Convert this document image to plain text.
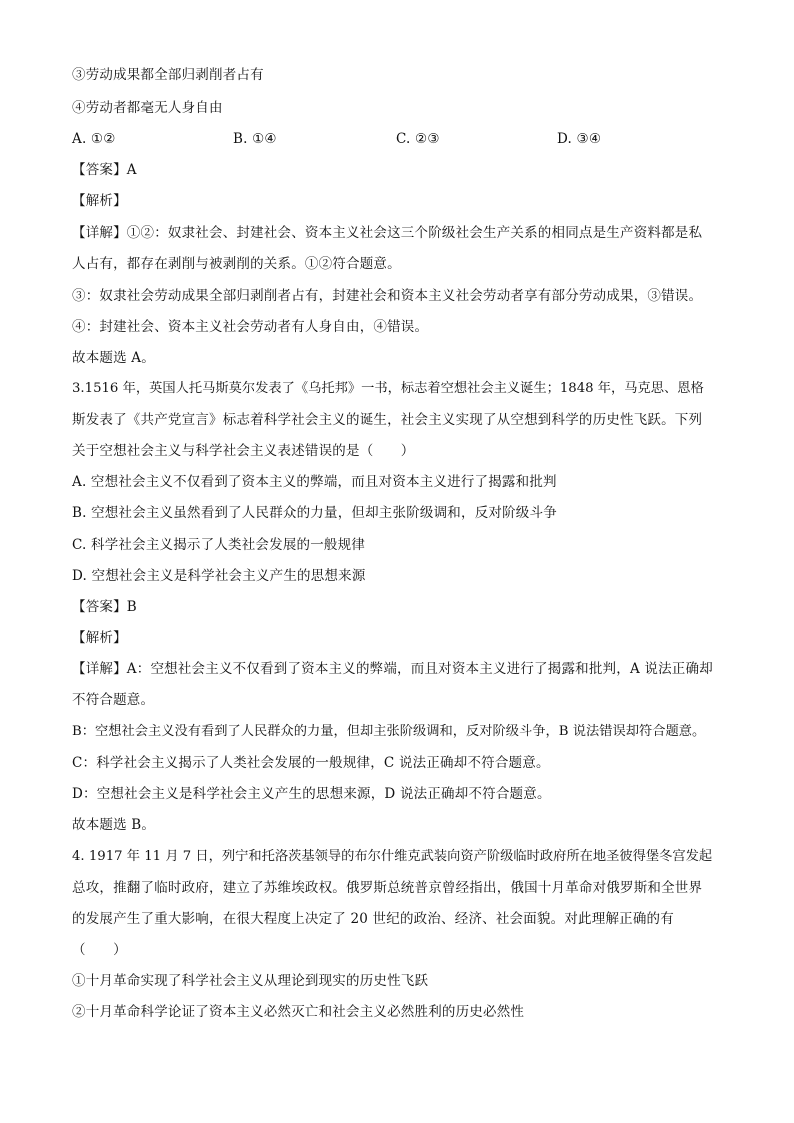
③劳动成果都全部归剥削者占有
④劳动者都毫无人身自由
A. ①②	B. ①④	C. ②③	D. ③④
【答案】A
【解析】
【详解】①②：奴隶社会、封建社会、资本主义社会这三个阶级社会生产关系的相同点是生产资料都是私
人占有，都存在剥削与被剥削的关系。①②符合题意。
③：奴隶社会劳动成果全部归剥削者占有，封建社会和资本主义社会劳动者享有部分劳动成果，③错误。
④：封建社会、资本主义社会劳动者有人身自由，④错误。
故本题选 A。
3.1516 年，英国人托马斯莫尔发表了《乌托邦》一书，标志着空想社会主义诞生；1848 年，马克思、恩格
斯发表了《共产党宣言》标志着科学社会主义的诞生，社会主义实现了从空想到科学的历史性飞跃。下列
关于空想社会主义与科学社会主义表述错误的是（　　）
A. 空想社会主义不仅看到了资本主义的弊端，而且对资本主义进行了揭露和批判
B. 空想社会主义虽然看到了人民群众的力量，但却主张阶级调和，反对阶级斗争
C. 科学社会主义揭示了人类社会发展的一般规律
D. 空想社会主义是科学社会主义产生的思想来源
【答案】B
【解析】
【详解】A：空想社会主义不仅看到了资本主义的弊端，而且对资本主义进行了揭露和批判，A 说法正确却
不符合题意。
B：空想社会主义没有看到了人民群众的力量，但却主张阶级调和，反对阶级斗争，B 说法错误却符合题意。
C：科学社会主义揭示了人类社会发展的一般规律，C 说法正确却不符合题意。
D：空想社会主义是科学社会主义产生的思想来源，D 说法正确却不符合题意。
故本题选 B。
4. 1917 年 11 月 7 日，列宁和托洛茨基领导的布尔什维克武装向资产阶级临时政府所在地圣彼得堡冬宫发起
总攻，推翻了临时政府，建立了苏维埃政权。俄罗斯总统普京曾经指出，俄国十月革命对俄罗斯和全世界
的发展产生了重大影响，在很大程度上决定了 20 世纪的政治、经济、社会面貌。对此理解正确的有
（　　）
①十月革命实现了科学社会主义从理论到现实的历史性飞跃
②十月革命科学论证了资本主义必然灭亡和社会主义必然胜利的历史必然性
